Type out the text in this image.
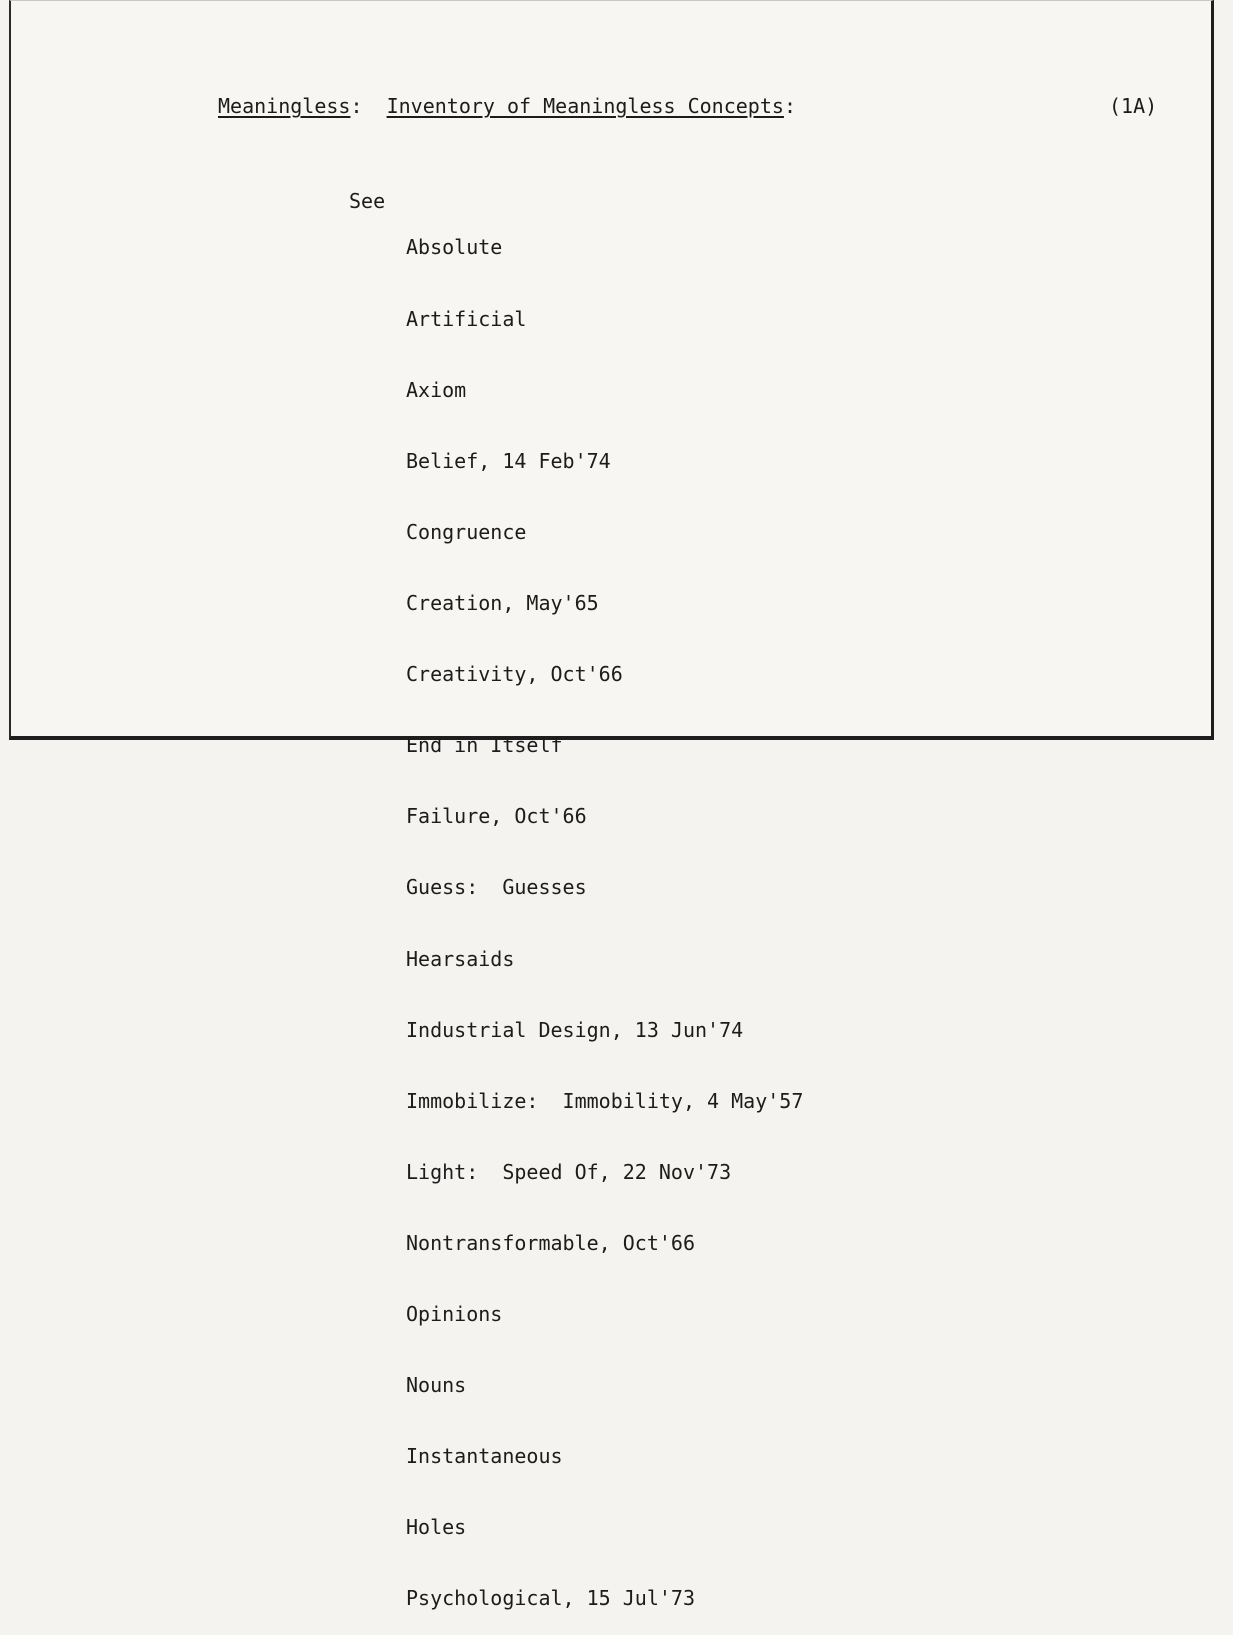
Meaningless:  Inventory of Meaningless Concepts:	(1A)
See

Absolute

Artificial

Axiom

Belief, 14 Feb'74

Congruence

Creation, May'65

Creativity, Oct'66

End in Itself

Failure, Oct'66

Guess:  Guesses

Hearsaids

Industrial Design, 13 Jun'74

Immobilize:  Immobility, 4 May'57

Light:  Speed Of, 22 Nov'73

Nontransformable, Oct'66

Opinions

Nouns

Instantaneous

Holes

Psychological, 15 Jul'73
